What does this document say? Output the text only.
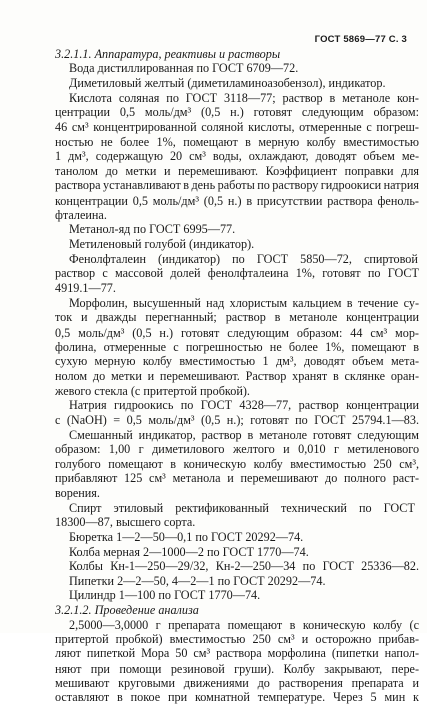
ГОСТ 5869—77 С. 3
3.2.1.1. Аппаратура, реактивы и растворы
Вода дистиллированная по ГОСТ 6709—72.
Диметиловый желтый (диметиламиноазобензол), индикатор.
Кислота соляная по ГОСТ 3118—77; раствор в метаноле кон-
центрации 0,5 моль/дм³ (0,5 н.) готовят следующим образом:
46 см³ концентрированной соляной кислоты, отмеренные с погреш-
ностью не более 1%, помещают в мерную колбу вместимостью
1 дм³, содержащую 20 см³ воды, охлаждают, доводят объем ме-
танолом до метки и перемешивают. Коэффициент поправки для
раствора устанавливают в день работы по раствору гидроокиси натрия
концентрации 0,5 моль/дм³ (0,5 н.) в присутствии раствора феноль-
фталеина.
Метанол-яд по ГОСТ 6995—77.
Метиленовый голубой (индикатор).
Фенолфталеин (индикатор) по ГОСТ 5850—72, спиртовой
раствор с массовой долей фенолфталеина 1%, готовят по ГОСТ
4919.1—77.
Морфолин, высушенный над хлористым кальцием в течение су-
ток и дважды перегнанный; раствор в метаноле концентрации
0,5 моль/дм³ (0,5 н.) готовят следующим образом: 44 см³ мор-
фолина, отмеренные с погрешностью не более 1%, помещают в
сухую мерную колбу вместимостью 1 дм³, доводят объем мета-
нолом до метки и перемешивают. Раствор хранят в склянке оран-
жевого стекла (с притертой пробкой).
Натрия гидроокись по ГОСТ 4328—77, раствор концентрации
c (NaOH) = 0,5 моль/дм³ (0,5 н.); готовят по ГОСТ 25794.1—83.
Смешанный индикатор, раствор в метаноле готовят следующим
образом: 1,00 г диметилового желтого и 0,010 г метиленового
голубого помещают в коническую колбу вместимостью 250 см³,
прибавляют 125 см³ метанола и перемешивают до полного раст-
ворения.
Спирт этиловый ректификованный технический по ГОСТ
18300—87, высшего сорта.
Бюретка 1—2—50—0,1 по ГОСТ 20292—74.
Колба мерная 2—1000—2 по ГОСТ 1770—74.
Колбы Кн-1—250—29/32, Кн-2—250—34 по ГОСТ 25336—82.
Пипетки 2—2—50, 4—2—1 по ГОСТ 20292—74.
Цилиндр 1—100 по ГОСТ 1770—74.
3.2.1.2. Проведение анализа
2,5000—3,0000 г препарата помещают в коническую колбу (с
притертой пробкой) вместимостью 250 см³ и осторожно прибав-
ляют пипеткой Мора 50 см³ раствора морфолина (пипетки напол-
няют при помощи резиновой груши). Колбу закрывают, пере-
мешивают круговыми движениями до растворения препарата и
оставляют в покое при комнатной температуре. Через 5 мин к
